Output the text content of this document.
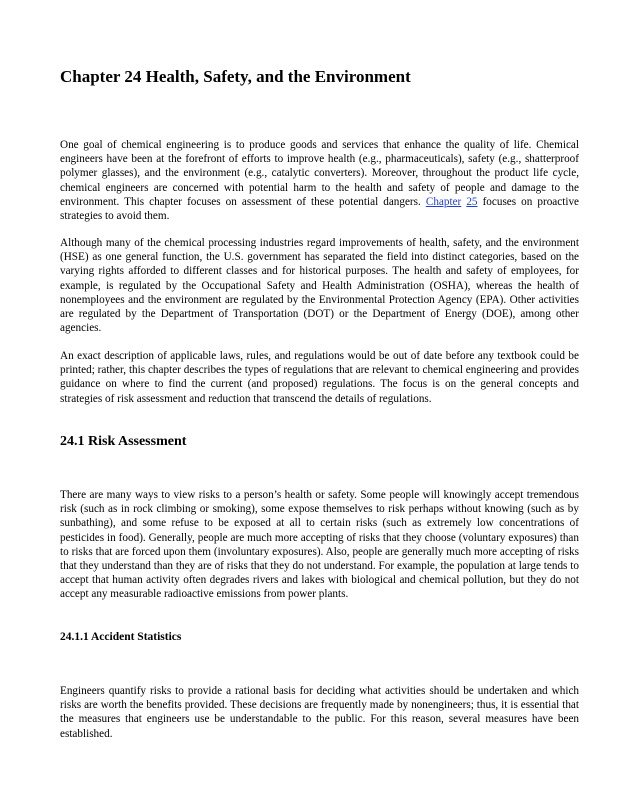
Chapter 24 Health, Safety, and the Environment

One goal of chemical engineering is to produce goods and services that enhance the quality of life. Chemical engineers have been at the forefront of efforts to improve health (e.g., pharmaceuticals), safety (e.g., shatterproof polymer glasses), and the environment (e.g., catalytic converters). Moreover, throughout the product life cycle, chemical engineers are concerned with potential harm to the health and safety of people and damage to the environment. This chapter focuses on assessment of these potential dangers. Chapter 25 focuses on proactive strategies to avoid them.

Although many of the chemical processing industries regard improvements of health, safety, and the environment (HSE) as one general function, the U.S. government has separated the field into distinct categories, based on the varying rights afforded to different classes and for historical purposes. The health and safety of employees, for example, is regulated by the Occupational Safety and Health Administration (OSHA), whereas the health of nonemployees and the environment are regulated by the Environmental Protection Agency (EPA). Other activities are regulated by the Department of Transportation (DOT) or the Department of Energy (DOE), among other agencies.

An exact description of applicable laws, rules, and regulations would be out of date before any textbook could be printed; rather, this chapter describes the types of regulations that are relevant to chemical engineering and provides guidance on where to find the current (and proposed) regulations. The focus is on the general concepts and strategies of risk assessment and reduction that transcend the details of regulations.

24.1 Risk Assessment

There are many ways to view risks to a person’s health or safety. Some people will knowingly accept tremendous risk (such as in rock climbing or smoking), some expose themselves to risk perhaps without knowing (such as by sunbathing), and some refuse to be exposed at all to certain risks (such as extremely low concentrations of pesticides in food). Generally, people are much more accepting of risks that they choose (voluntary exposures) than to risks that are forced upon them (involuntary exposures). Also, people are generally much more accepting of risks that they understand than they are of risks that they do not understand. For example, the population at large tends to accept that human activity often degrades rivers and lakes with biological and chemical pollution, but they do not accept any measurable radioactive emissions from power plants.

24.1.1 Accident Statistics

Engineers quantify risks to provide a rational basis for deciding what activities should be undertaken and which risks are worth the benefits provided. These decisions are frequently made by nonengineers; thus, it is essential that the measures that engineers use be understandable to the public. For this reason, several measures have been established.
